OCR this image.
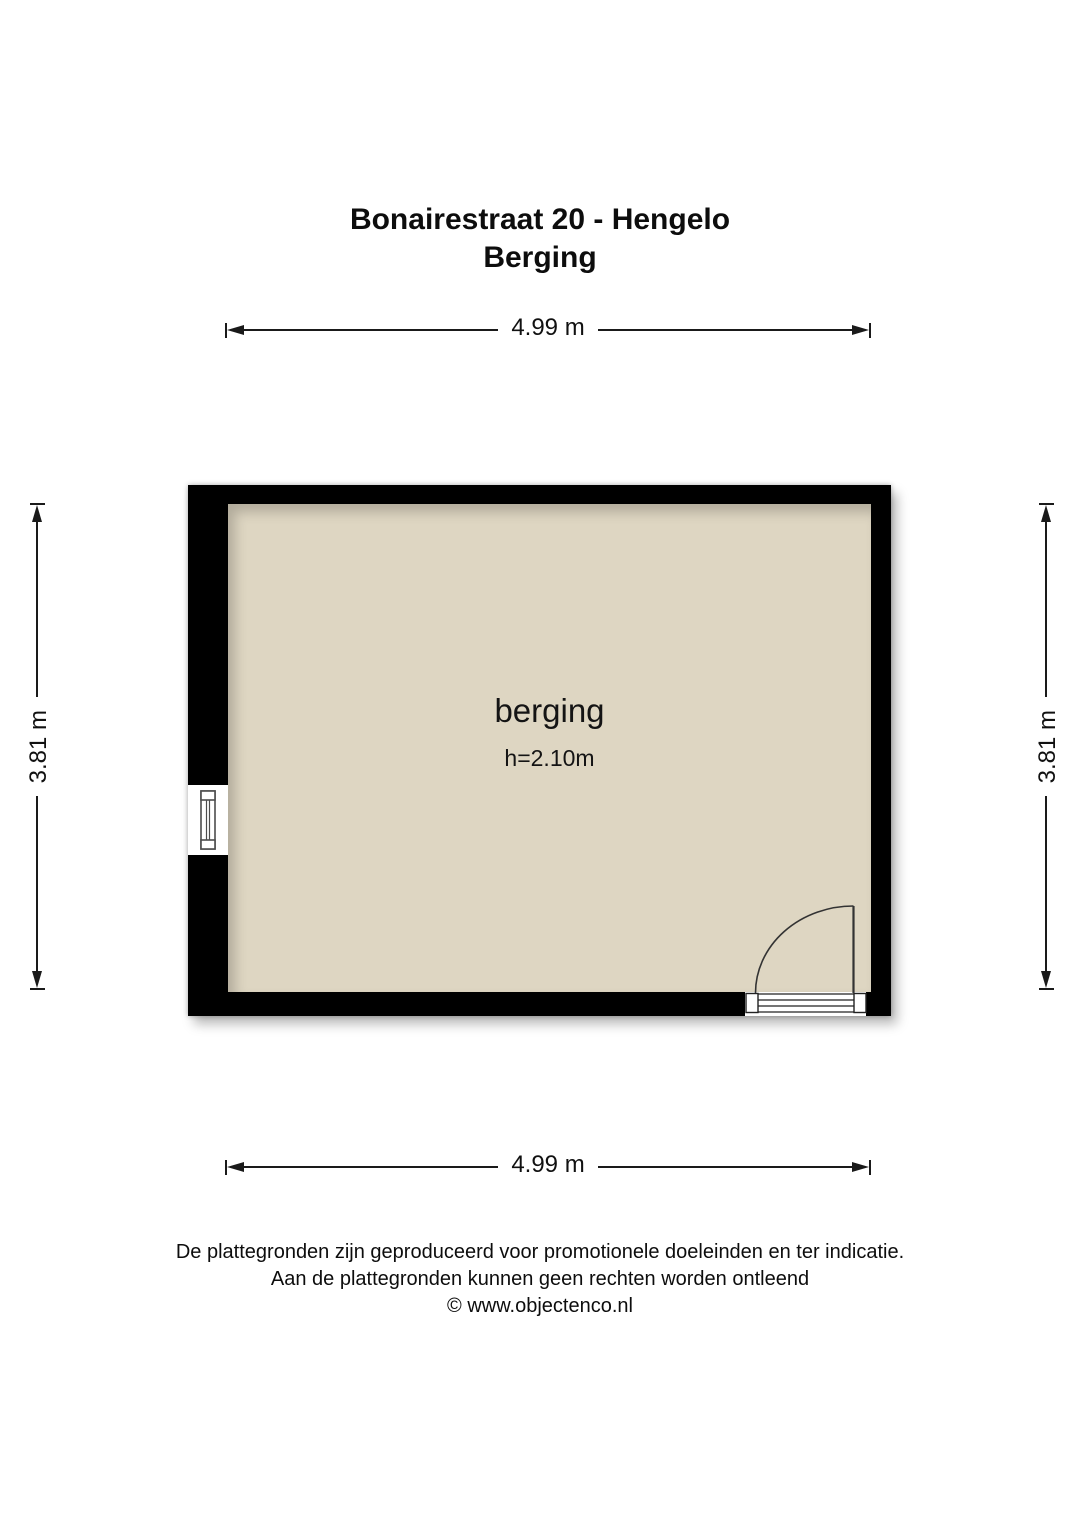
Bonairestraat 20 - Hengelo
Berging
4.99 m
3.81 m	3.81 m
berging
h=2.10m
4.99 m
De plattegronden zijn geproduceerd voor promotionele doeleinden en ter indicatie.
Aan de plattegronden kunnen geen rechten worden ontleend
© www.objectenco.nl
